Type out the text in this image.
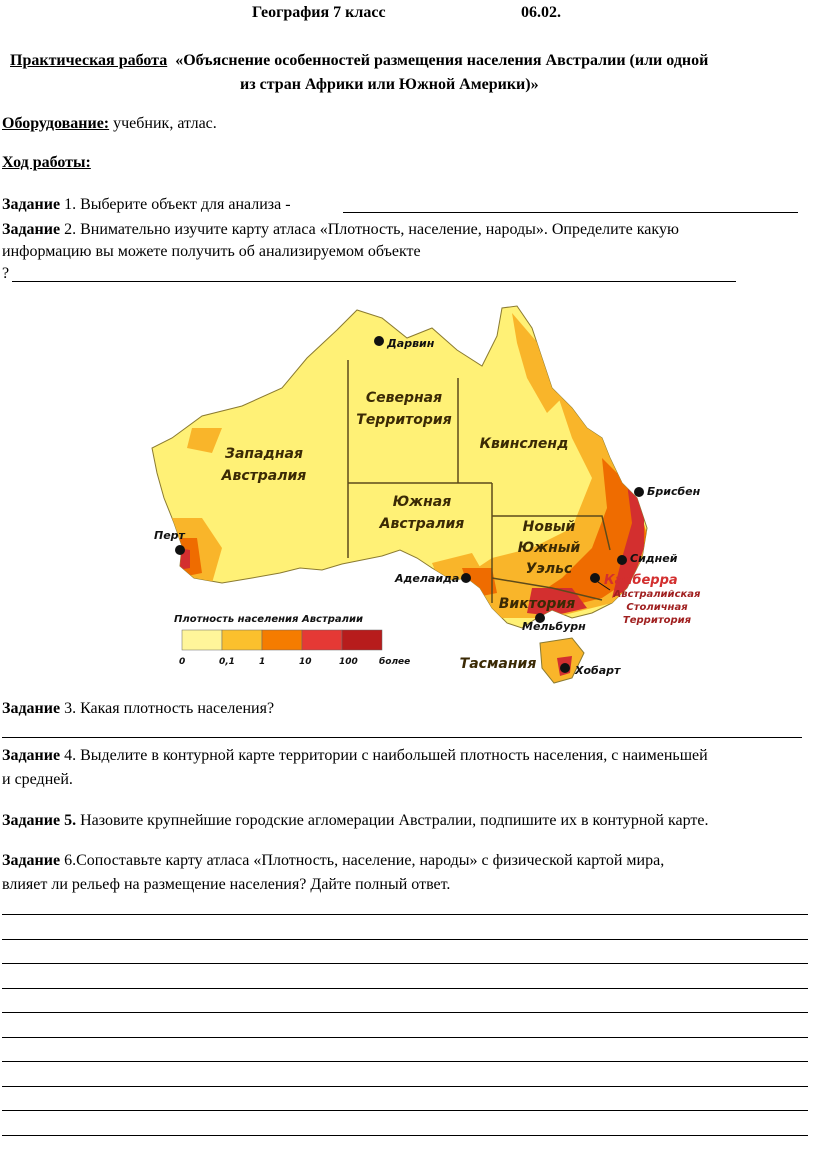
География 7 класс	06.02.
Практическая работа «Объяснение особенностей размещения населения Австралии (или одной
из стран Африки или Южной Америки)»
Оборудование: учебник, атлас.
Ход работы:
Задание 1. Выберите объект для анализа -
Задание 2. Внимательно изучите карту атласа «Плотность, население, народы». Определите какую
информацию вы можете получить об анализируемом объекте
?
Западная
Австралия
Северная
Территория
Квинсленд
Южная
Австралия	Новый
Южный
Уэльс
Виктория
Тасмания
Дарвин
Брисбен
Перт
Сидней
Аделаида	Канберра
Мельбурн
Хобарт
Австралийская
Столичная
Территория
Плотность населения Австралии
0	0,1	1	10	100 более
Задание 3. Какая плотность населения?
Задание 4. Выделите в контурной карте территории с наибольшей плотность населения, с наименьшей
и средней.
Задание 5. Назовите крупнейшие городские агломерации Австралии, подпишите их в контурной карте.
Задание 6.Сопоставьте карту атласа «Плотность, население, народы» с физической картой мира,
влияет ли рельеф на размещение населения? Дайте полный ответ.
